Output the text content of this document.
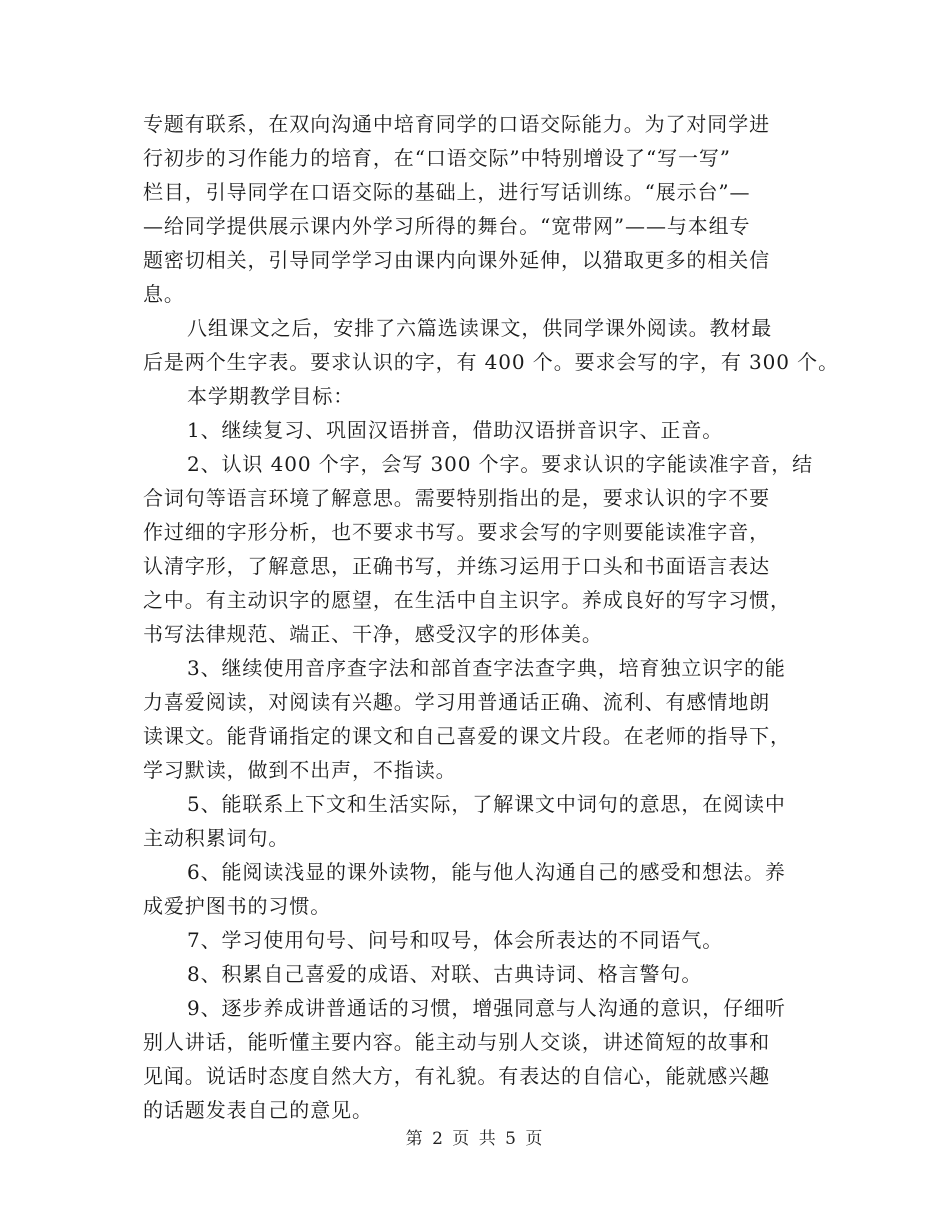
专题有联系，在双向沟通中培育同学的口语交际能力。为了对同学进
行初步的习作能力的培育，在“口语交际”中特别增设了“写一写”
栏目，引导同学在口语交际的基础上，进行写话训练。“展示台”—
—给同学提供展示课内外学习所得的舞台。“宽带网”——与本组专
题密切相关，引导同学学习由课内向课外延伸，以猎取更多的相关信
息。
八组课文之后，安排了六篇选读课文，供同学课外阅读。教材最
后是两个生字表。要求认识的字，有 400 个。要求会写的字，有 300 个。
本学期教学目标：
1、继续复习、巩固汉语拼音，借助汉语拼音识字、正音。
2、认识 400 个字，会写 300 个字。要求认识的字能读准字音，结
合词句等语言环境了解意思。需要特别指出的是，要求认识的字不要
作过细的字形分析，也不要求书写。要求会写的字则要能读准字音，
认清字形，了解意思，正确书写，并练习运用于口头和书面语言表达
之中。有主动识字的愿望，在生活中自主识字。养成良好的写字习惯，
书写法律规范、端正、干净，感受汉字的形体美。
3、继续使用音序查字法和部首查字法查字典，培育独立识字的能
力喜爱阅读，对阅读有兴趣。学习用普通话正确、流利、有感情地朗
读课文。能背诵指定的课文和自己喜爱的课文片段。在老师的指导下，
学习默读，做到不出声，不指读。
5、能联系上下文和生活实际，了解课文中词句的意思，在阅读中
主动积累词句。
6、能阅读浅显的课外读物，能与他人沟通自己的感受和想法。养
成爱护图书的习惯。
7、学习使用句号、问号和叹号，体会所表达的不同语气。
8、积累自己喜爱的成语、对联、古典诗词、格言警句。
9、逐步养成讲普通话的习惯，增强同意与人沟通的意识，仔细听
别人讲话，能听懂主要内容。能主动与别人交谈，讲述简短的故事和
见闻。说话时态度自然大方，有礼貌。有表达的自信心，能就感兴趣
的话题发表自己的意见。
第 2 页 共 5 页
